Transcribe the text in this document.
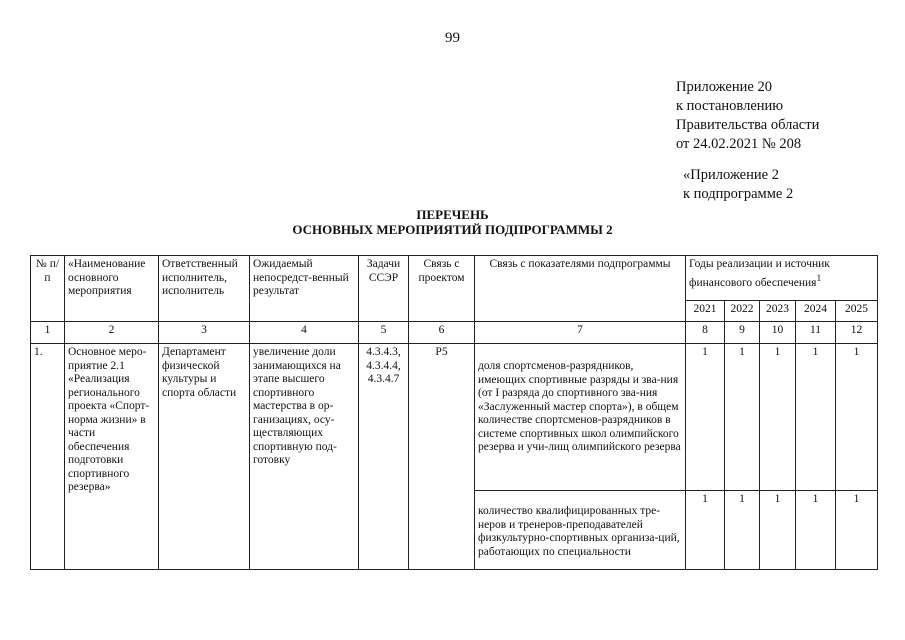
99
Приложение 20
к постановлению
Правительства области
от 24.02.2021 № 208
«Приложение 2
к подпрограмме 2
ПЕРЕЧЕНЬ
ОСНОВНЫХ МЕРОПРИЯТИЙ ПОДПРОГРАММЫ 2
№ п/п	«Наименование основного мероприятия	Ответственный исполнитель, исполнитель	Ожидаемый непосредст-венный результат	Задачи ССЭР	Связь с проектом	Связь с показателями подпрограммы	Годы реализации и источник финансового обеспечения$^1$
							2021	2022	2023	2024	2025
1	2	3	4	5	6	7	8	9	10	11	12
1.	Основное меро-приятие 2.1 «Реализация регионального проекта «Спорт-норма жизни» в части обеспечения подготовки спортивного резерва»	Департамент физической культуры и спорта области	увеличение доли занимающихся на этапе высшего спортивного мастерства в ор-ганизациях, осу-ществляющих спортивную под-готовку	4.3.4.3, 4.3.4.4, 4.3.4.7	Р5	доля спортсменов-разрядников, имеющих спортивные разряды и зва-ния (от I разряда до спортивного зва-ния «Заслуженный мастер спорта»), в общем количестве спортсменов-разрядников в системе спортивных школ олимпийского резерва и учи-лищ олимпийского резерва	1	1	1	1	1
						количество квалифицированных тре-неров и тренеров-преподавателей физкультурно-спортивных организа-ций, работающих по специальности	1	1	1	1	1
